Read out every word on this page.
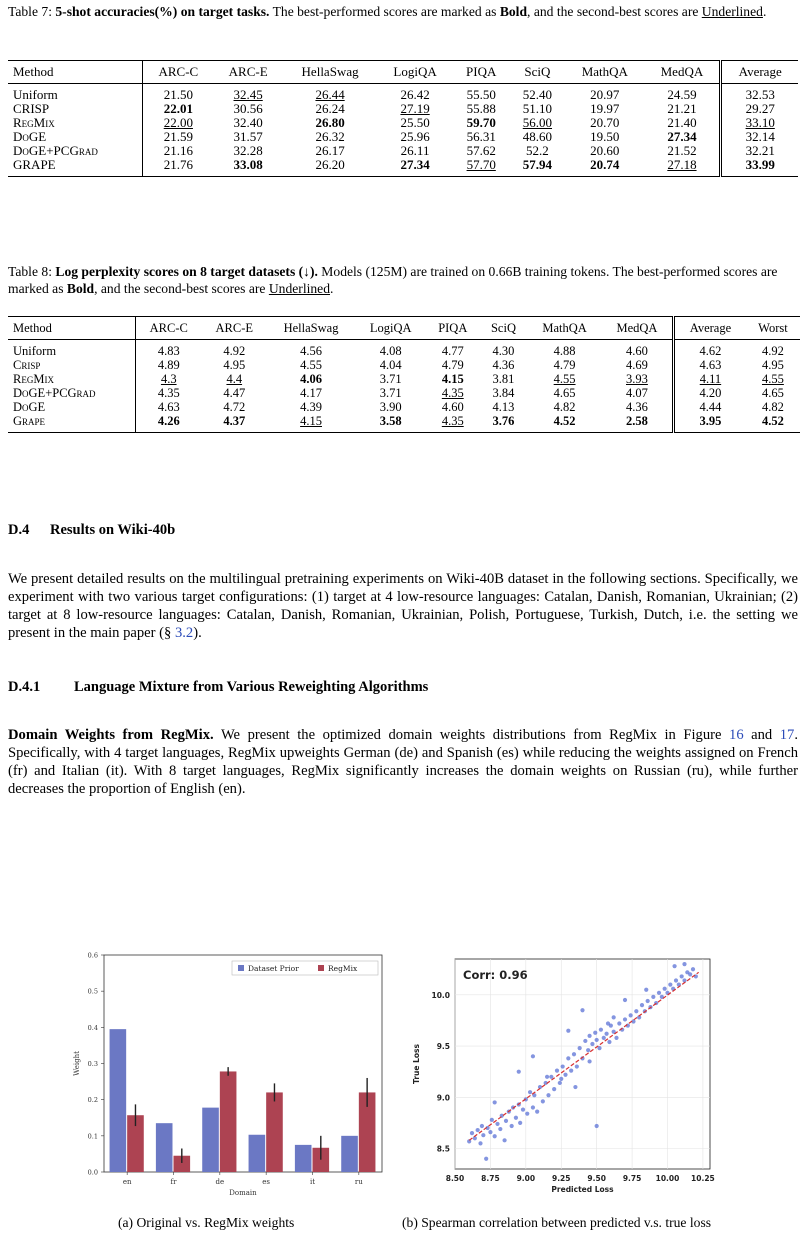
Table 7: 5-shot accuracies(%) on target tasks. The best-performed scores are marked as Bold, and the second-best scores are Underlined.
Method	ARC-C	ARC-E	HellaSwag	LogiQA	PIQA	SciQ	MathQA	MedQA	Average
Uniform	21.50	32.45	26.44	26.42	55.50	52.40	20.97	24.59	32.53
CRISP	22.01	30.56	26.24	27.19	55.88	51.10	19.97	21.21	29.27
RegMix	22.00	32.40	26.80	25.50	59.70	56.00	20.70	21.40	33.10
DoGE	21.59	31.57	26.32	25.96	56.31	48.60	19.50	27.34	32.14
DoGE+PCGrad	21.16	32.28	26.17	26.11	57.62	52.2	20.60	21.52	32.21
GRAPE	21.76	33.08	26.20	27.34	57.70	57.94	20.74	27.18	33.99
Table 8: Log perplexity scores on 8 target datasets (↓). Models (125M) are trained on 0.66B training tokens. The best-performed scores are marked as Bold, and the second-best scores are Underlined.
Method	ARC-C	ARC-E	HellaSwag	LogiQA	PIQA	SciQ	MathQA	MedQA	Average	Worst
Uniform	4.83	4.92	4.56	4.08	4.77	4.30	4.88	4.60	4.62	4.92
Crisp	4.89	4.95	4.55	4.04	4.79	4.36	4.79	4.69	4.63	4.95
RegMix	4.3	4.4	4.06	3.71	4.15	3.81	4.55	3.93	4.11	4.55
DoGE+PCGrad	4.35	4.47	4.17	3.71	4.35	3.84	4.65	4.07	4.20	4.65
DoGE	4.63	4.72	4.39	3.90	4.60	4.13	4.82	4.36	4.44	4.82
Grape	4.26	4.37	4.15	3.58	4.35	3.76	4.52	2.58	3.95	4.52
D.4 Results on Wiki-40b

We present detailed results on the multilingual pretraining experiments on Wiki-40B dataset in the following sections. Specifically, we experiment with two various target configurations: (1) target at 4 low-resource languages: Catalan, Danish, Romanian, Ukrainian; (2) target at 8 low-resource languages: Catalan, Danish, Romanian, Ukrainian, Polish, Portuguese, Turkish, Dutch, i.e. the setting we present in the main paper (§ 3.2).

D.4.1 Language Mixture from Various Reweighting Algorithms

Domain Weights from RegMix. We present the optimized domain weights distributions from RegMix in Figure 16 and 17. Specifically, with 4 target languages, RegMix upweights German (de) and Spanish (es) while reducing the weights assigned on French (fr) and Italian (it). With 8 target languages, RegMix significantly increases the domain weights on Russian (ru), while further decreases the proportion of English (en).

0.0
0.1
0.2
0.3
0.4
0.5
0.6
en	fr	de	es	it	ru
Domain
Weight
Dataset Prior	RegMix
8.50 8.75 9.00 9.25 9.50 9.75 10.00 10.25
8.5
9.0
9.5
10.0
Corr: 0.96
Predicted Loss
True Loss
(a) Original vs. RegMix weights	(b) Spearman correlation between predicted v.s. true loss
